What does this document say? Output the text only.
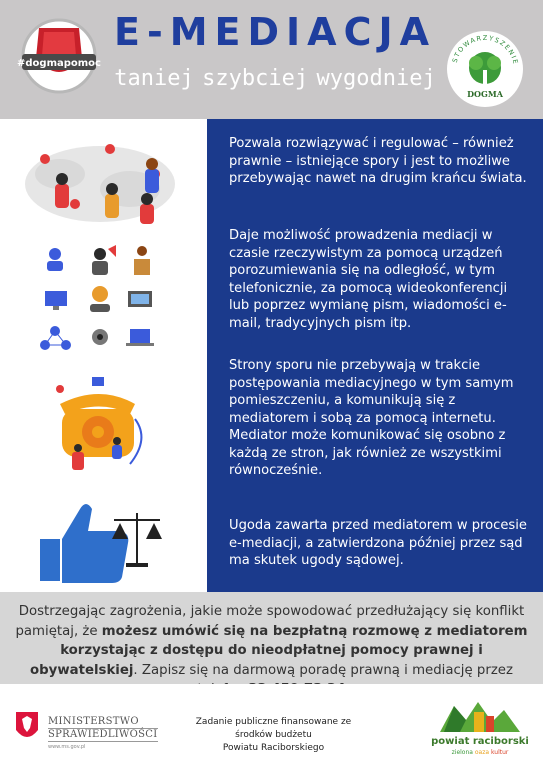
#dogmapomoc
E-MEDIACJA
taniej szybciej wygodniej
STOWARZYSZENIE
DOGMA

Pozwala rozwiązywać i regulować – również prawnie – istniejące spory i jest to możliwe przebywając nawet na drugim krańcu świata.

Daje możliwość prowadzenia mediacji w czasie rzeczywistym za pomocą urządzeń porozumiewania się na odległość, w tym telefonicznie, za pomocą wideokonferencji lub poprzez wymianę pism, wiadomości e-mail, tradycyjnych pism itp.

Strony sporu nie przebywają w trakcie postępowania mediacyjnego w tym samym pomieszczeniu, a komunikują się z mediatorem i sobą za pomocą internetu. Mediator może komunikować się osobno z każdą ze stron, jak również ze wszystkimi równocześnie.

Ugoda zawarta przed mediatorem w procesie e-mediacji, a zatwierdzona później przez sąd ma skutek ugody sądowej.

Dostrzegając zagrożenia, jakie może spowodować przedłużający się konflikt pamiętaj, że możesz umówić się na bezpłatną rozmowę z mediatorem korzystając z dostępu do nieodpłatnej pomocy prawnej i obywatelskiej. Zapisz się na darmową poradę prawną i mediację przez
MINISTERSTWO
SPRAWIEDLIWOŚCI
www.ms.gov.pl
Zadanie publiczne finansowane ze środków budżetu
Powiatu Raciborskiego
powiat raciborski
zielona oaza kultur
